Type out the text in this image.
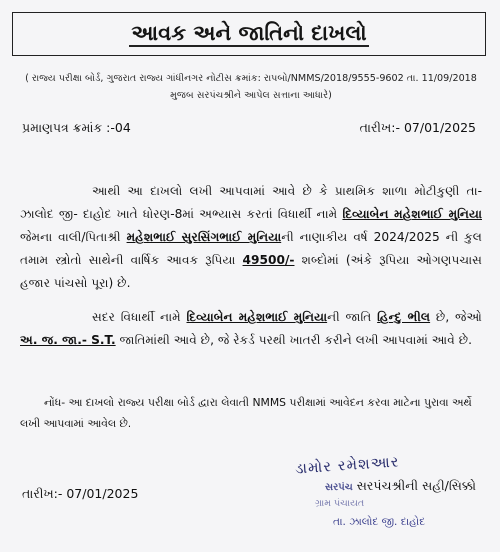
આવક અને જાતિનો દાખલો
( રાજ્ય પરીક્ષા બોર્ડ, ગુજરાત રાજ્ય ગાંધીનગર નોટીસ ક્રમાંક: રાપબો/NMMS/2018/9555-9602 તા. 11/09/2018 મુજબ સરપંચશ્રીને આપેલ સત્તાના આધારે)
પ્રમાણપત્ર ક્રમાંક :-04	તારીખ:- 07/01/2025
આથી આ દાખલો લખી આપવામાં આવે છે કે પ્રાથમિક શાળા મોટીકુણી તા- ઝાલોદ જી- દાહોદ ખાતે ધોરણ-8માં અભ્યાસ કરતાં વિધાર્થી નામે દિવ્યાબેન મહેશભાઈ મુનિયા જેમના વાલી/પિતાશ્રી મહેશભાઈ સુરસિંગભાઈ મુનિયાની નાણાકીય વર્ષ 2024/2025 ની કુલ તમામ સ્ત્રોતો સાથેની વાર્ષિક આવક રૂપિયા 49500/- શબ્દોમાં (અંકે રૂપિયા ઓગણપચાસ હજાર પાંચસો પૂરા) છે.
સદર વિધાર્થી નામે દિવ્યાબેન મહેશભાઈ મુનિયાની જાતિ હિન્દુ ભીલ છે, જેઓ અ. જ. જા.- S.T. જાતિમાંથી આવે છે, જે રેકર્ડ પરથી ખાતરી કરીને લખી આપવામાં આવે છે.
નોંધ- આ દાખલો રાજ્ય પરીક્ષા બોર્ડ દ્વારા લેવાતી NMMS પરીક્ષામાં આવેદન કરવા માટેના પુરાવા અર્થે લખી આપવામાં આવેલ છે.
ડામોર રમેશઆર
સરપંચ સરપંચશ્રીની સહી/સિક્કો
ગ્રામ પંચાયત
તા. ઝાલોદ જી. દાહોદ
તારીખ:- 07/01/2025
